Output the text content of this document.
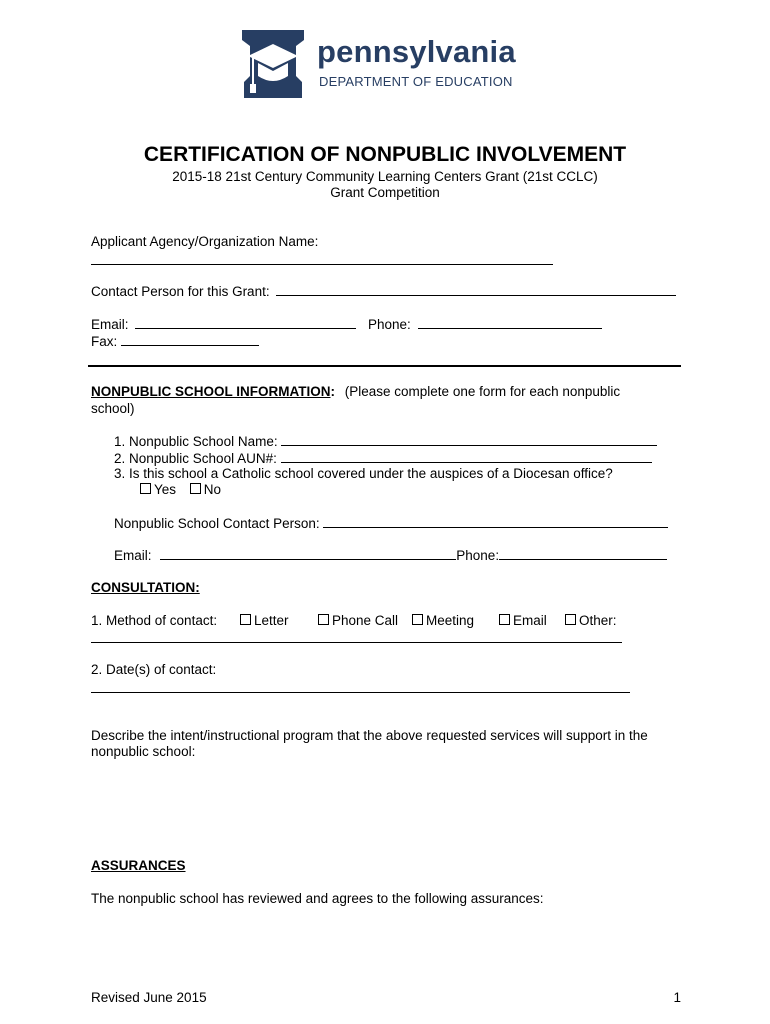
pennsylvania
DEPARTMENT OF EDUCATION
CERTIFICATION OF NONPUBLIC INVOLVEMENT
2015-18 21st Century Community Learning Centers Grant (21st CCLC)
Grant Competition
Applicant Agency/Organization Name:
Contact Person for this Grant:
Email:	Phone:
Fax:
NONPUBLIC SCHOOL INFORMATION: (Please complete one form for each nonpublic
school)
1. Nonpublic School Name:
2. Nonpublic School AUN#:
3. Is this school a Catholic school covered under the auspices of a Diocesan office?
Yes No
Nonpublic School Contact Person:
Email:	Phone:
CONSULTATION:
1. Method of contact:	Letter	Phone Call	Meeting	Email	Other:
2. Date(s) of contact:
Describe the intent/instructional program that the above requested services will support in the
nonpublic school:
ASSURANCES
The nonpublic school has reviewed and agrees to the following assurances:
Revised June 2015	1
